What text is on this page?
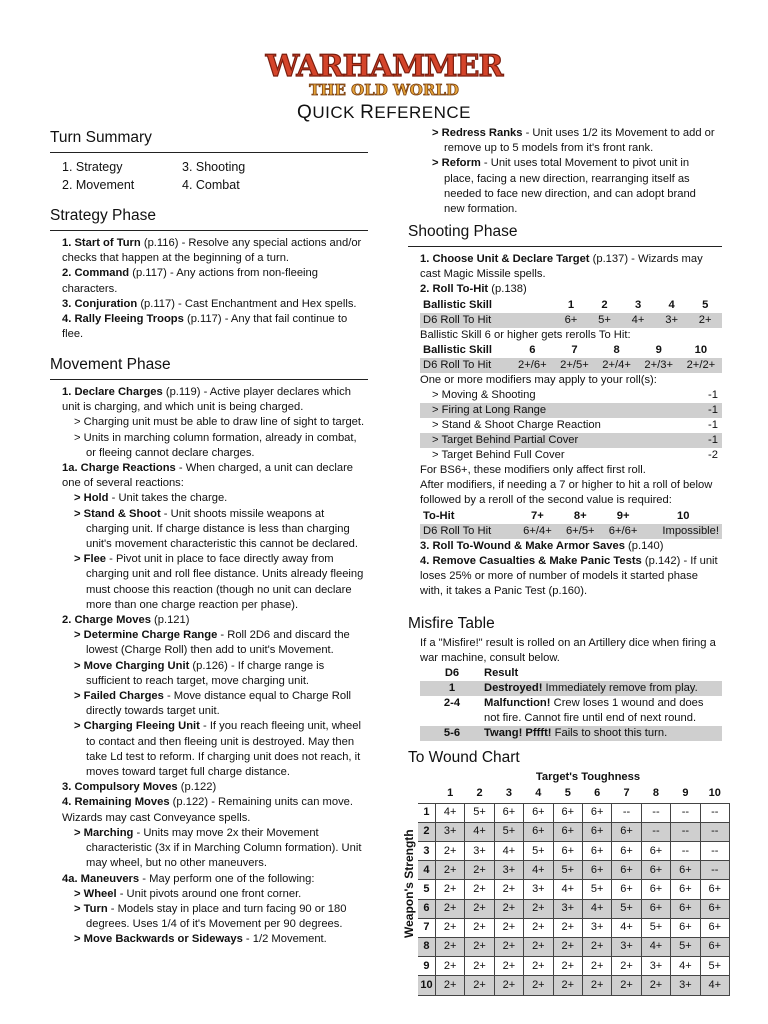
WARHAMMER
THE OLD WORLD
QUICK REFERENCE
Turn Summary
1. Strategy	3. Shooting
2. Movement	4. Combat
Strategy Phase

1. Start of Turn (p.116) - Resolve any special actions and/or checks that happen at the beginning of a turn.

2. Command (p.117) - Any actions from non-fleeing characters.

3. Conjuration (p.117) - Cast Enchantment and Hex spells.

4. Rally Fleeing Troops (p.117) - Any that fail continue to flee.

Movement Phase

1. Declare Charges (p.119) - Active player declares which unit is charging, and which unit is being charged.

> Charging unit must be able to draw line of sight to target.

> Units in marching column formation, already in combat, or fleeing cannot declare charges.

1a. Charge Reactions - When charged, a unit can declare one of several reactions:

> Hold - Unit takes the charge.

> Stand & Shoot - Unit shoots missile weapons at charging unit. If charge distance is less than charging unit's movement characteristic this cannot be declared.

> Flee - Pivot unit in place to face directly away from charging unit and roll flee distance. Units already fleeing must choose this reaction (though no unit can declare more than one charge reaction per phase).

2. Charge Moves (p.121)

> Determine Charge Range - Roll 2D6 and discard the lowest (Charge Roll) then add to unit's Movement.

> Move Charging Unit (p.126) - If charge range is sufficient to reach target, move charging unit.

> Failed Charges - Move distance equal to Charge Roll directly towards target unit.

> Charging Fleeing Unit - If you reach fleeing unit, wheel to contact and then fleeing unit is destroyed. May then take Ld test to reform. If charging unit does not reach, it moves toward target full charge distance.

3. Compulsory Moves (p.122)

4. Remaining Moves (p.122) - Remaining units can move. Wizards may cast Conveyance spells.

> Marching - Units may move 2x their Movement characteristic (3x if in Marching Column formation). Unit may wheel, but no other maneuvers.

4a. Maneuvers - May perform one of the following:

> Wheel - Unit pivots around one front corner.

> Turn - Models stay in place and turn facing 90 or 180 degrees. Uses 1/4 of it's Movement per 90 degrees.

> Move Backwards or Sideways - 1/2 Movement.

> Redress Ranks - Unit uses 1/2 its Movement to add or remove up to 5 models from it's front rank.

> Reform - Unit uses total Movement to pivot unit in place, facing a new direction, rearranging itself as needed to face new direction, and can adopt brand new formation.

Shooting Phase

1. Choose Unit & Declare Target (p.137) - Wizards may cast Magic Missile spells.

2. Roll To-Hit (p.138)

Ballistic Skill	1	2	3	4	5
D6 Roll To Hit	6+	5+	4+	3+	2+

Ballistic Skill 6 or higher gets rerolls To Hit:

Ballistic Skill	6	7	8	9	10
D6 Roll To Hit	2+/6+	2+/5+	2+/4+	2+/3+	2+/2+

One or more modifiers may apply to your roll(s):

> Moving & Shooting	-1
> Firing at Long Range	-1
> Stand & Shoot Charge Reaction	-1
> Target Behind Partial Cover	-1
> Target Behind Full Cover	-2

For BS6+, these modifiers only affect first roll.

After modifiers, if needing a 7 or higher to hit a roll of below followed by a reroll of the second value is required:

To-Hit	7+	8+	9+	10
D6 Roll To Hit	6+/4+	6+/5+	6+/6+	Impossible!

3. Roll To-Wound & Make Armor Saves (p.140)

4. Remove Casualties & Make Panic Tests (p.142) - If unit loses 25% or more of number of models it started phase with, it takes a Panic Test (p.160).

Misfire Table

If a "Misfire!" result is rolled on an Artillery dice when firing a war machine, consult below.

D6	Result
1	Destroyed! Immediately remove from play.
2-4	Malfunction! Crew loses 1 wound and does not fire. Cannot fire until end of next round.
5-6	Twang! Pffft! Fails to shoot this turn.
To Wound Chart
Target's Toughness
Weapon's Strength
	1	2	3	4	5	6	7	8	9	10
1	4+	5+	6+	6+	6+	6+	--	--	--	--
2	3+	4+	5+	6+	6+	6+	6+	--	--	--
3	2+	3+	4+	5+	6+	6+	6+	6+	--	--
4	2+	2+	3+	4+	5+	6+	6+	6+	6+	--
5	2+	2+	2+	3+	4+	5+	6+	6+	6+	6+
6	2+	2+	2+	2+	3+	4+	5+	6+	6+	6+
7	2+	2+	2+	2+	2+	3+	4+	5+	6+	6+
8	2+	2+	2+	2+	2+	2+	3+	4+	5+	6+
9	2+	2+	2+	2+	2+	2+	2+	3+	4+	5+
10	2+	2+	2+	2+	2+	2+	2+	2+	3+	4+
